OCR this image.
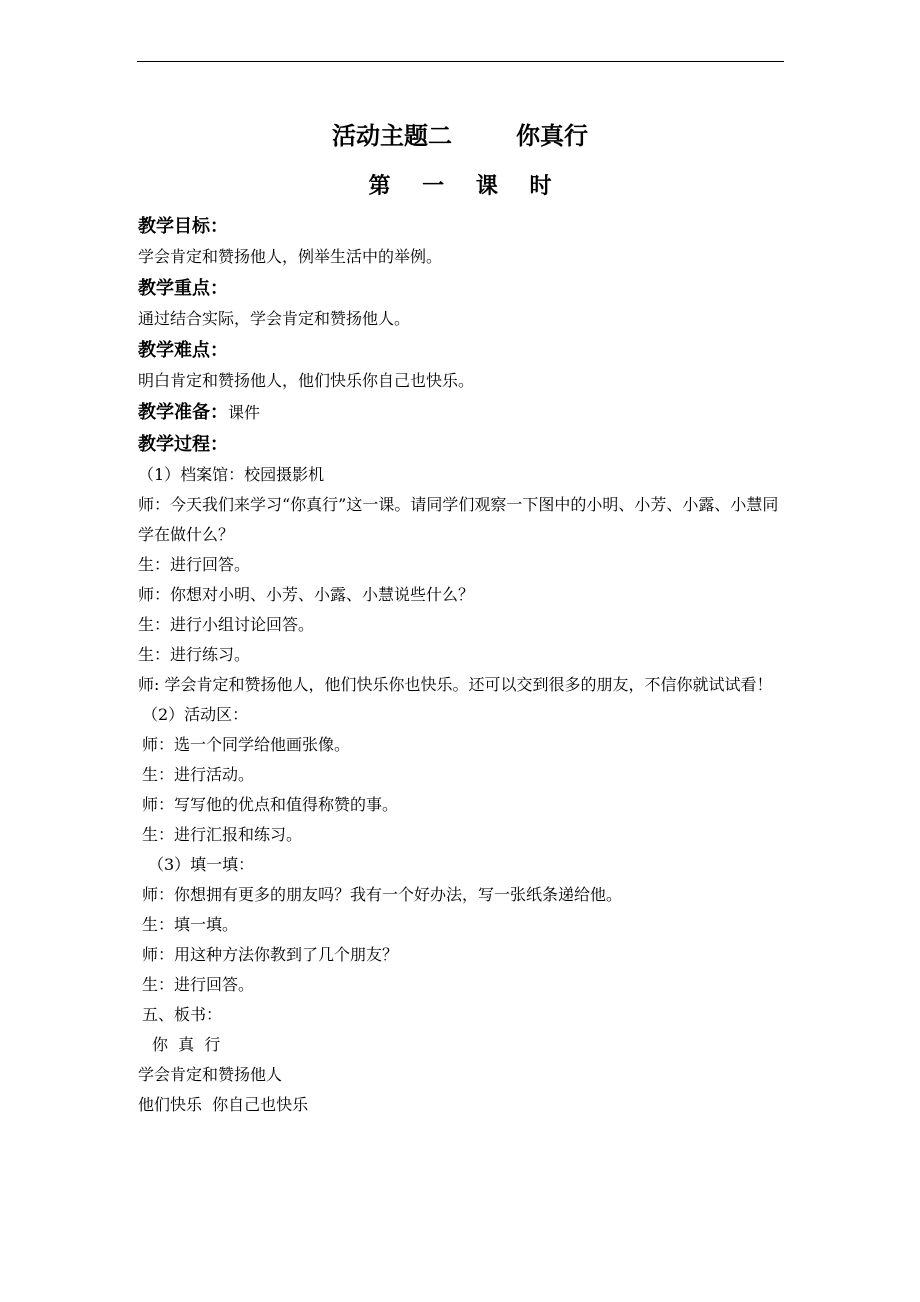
活动主题二	你真行
第 一 课 时
教学目标：
学会肯定和赞扬他人，例举生活中的举例。
教学重点：
通过结合实际，学会肯定和赞扬他人。
教学难点：
明白肯定和赞扬他人，他们快乐你自己也快乐。
教学准备：课件
教学过程：
（1）档案馆：校园摄影机
师：今天我们来学习“你真行”这一课。请同学们观察一下图中的小明、小芳、小露、小慧同学在做什么？
生：进行回答。
师：你想对小明、小芳、小露、小慧说些什么？
生：进行小组讨论回答。
生：进行练习。
师: 学会肯定和赞扬他人，他们快乐你也快乐。还可以交到很多的朋友，不信你就试试看！
（2）活动区：
师：选一个同学给他画张像。
生：进行活动。
师：写写他的优点和值得称赞的事。
生：进行汇报和练习。
（3）填一填：
师：你想拥有更多的朋友吗？我有一个好办法，写一张纸条递给他。
生：填一填。
师：用这种方法你教到了几个朋友？
生：进行回答。
五、板书：
你  真  行
学会肯定和赞扬他人
他们快乐  你自己也快乐
